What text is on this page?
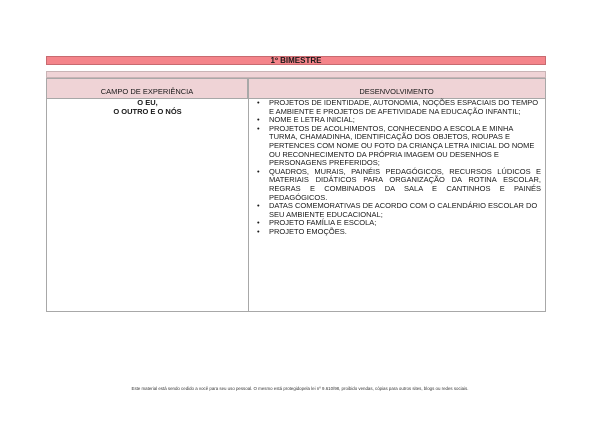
1º BIMESTRE
CAMPO DE EXPERIÊNCIA	DESENVOLVIMENTO
O EU,
O OUTRO E O NÓS
• PROJETOS DE IDENTIDADE, AUTONOMIA, NOÇÕES ESPACIAIS DO TEMPO E AMBIENTE E PROJETOS DE AFETIVIDADE NA EDUCAÇÃO INFANTIL;
• NOME E LETRA INICIAL;
• PROJETOS DE ACOLHIMENTOS, CONHECENDO A ESCOLA E MINHA TURMA, CHAMADINHA, IDENTIFICAÇÃO DOS OBJETOS, ROUPAS E PERTENCES COM NOME OU FOTO DA CRIANÇA LETRA INICIAL DO NOME OU RECONHECIMENTO DA PRÓPRIA IMAGEM OU DESENHOS E PERSONAGENS PREFERIDOS;
• QUADROS, MURAIS, PAINÉIS PEDAGÓGICOS, RECURSOS LÚDICOS E MATERIAIS DIDÁTICOS PARA ORGANIZAÇÃO DA ROTINA ESCOLAR, REGRAS E COMBINADOS DA SALA E CANTINHOS E PAINÉS PEDAGÓGICOS.
• DATAS COMEMORATIVAS DE ACORDO COM O CALENDÁRIO ESCOLAR DO SEU AMBIENTE EDUCACIONAL;
• PROJETO FAMÍLIA E ESCOLA;
• PROJETO EMOÇÕES.
Este material está sendo cedido a você para seu uso pessoal. O mesmo está protegidopela lei nº 9.610/98, proibido vendas, cópias para outros sites, blogs ou redes sociais.
